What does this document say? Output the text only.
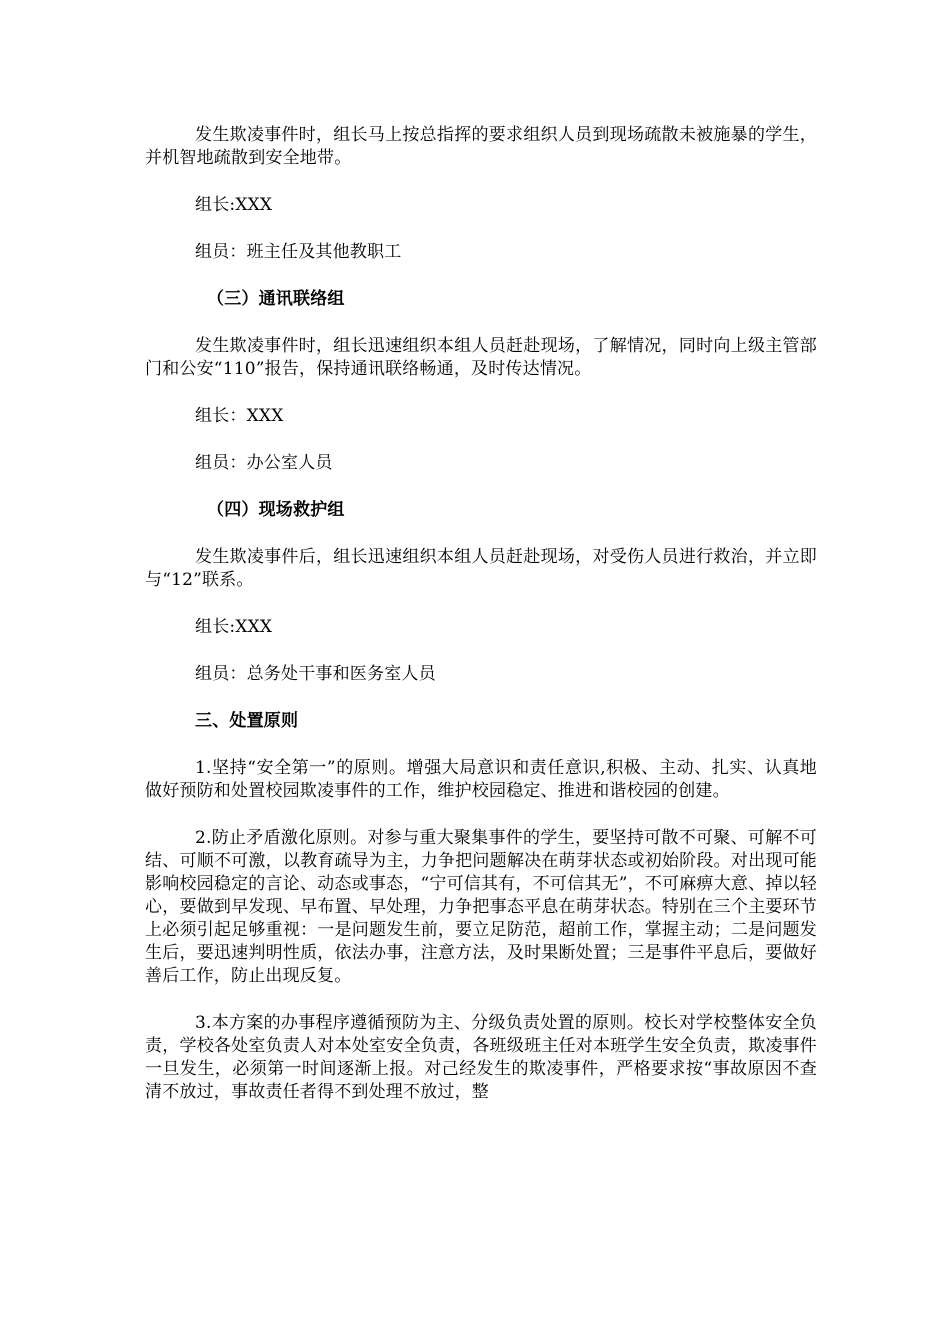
发生欺凌事件时，组长马上按总指挥的要求组织人员到现场疏散未被施暴的学生，并机智地疏散到安全地带。

组长:XXX

组员：班主任及其他教职工

（三）通讯联络组

发生欺凌事件时，组长迅速组织本组人员赶赴现场，了解情况，同时向上级主管部门和公安“110”报告，保持通讯联络畅通，及时传达情况。

组长：XXX

组员：办公室人员

（四）现场救护组

发生欺凌事件后，组长迅速组织本组人员赶赴现场，对受伤人员进行救治，并立即与“12”联系。

组长:XXX

组员：总务处干事和医务室人员

三、处置原则

1.坚持“安全第一”的原则。增强大局意识和责任意识,积极、主动、扎实、认真地做好预防和处置校园欺凌事件的工作，维护校园稳定、推进和谐校园的创建。

2.防止矛盾激化原则。对参与重大聚集事件的学生，要坚持可散不可聚、可解不可结、可顺不可激，以教育疏导为主，力争把问题解决在萌芽状态或初始阶段。对出现可能影响校园稳定的言论、动态或事态，“宁可信其有，不可信其无”，不可麻痹大意、掉以轻心，要做到早发现、早布置、早处理，力争把事态平息在萌芽状态。特别在三个主要环节上必须引起足够重视：一是问题发生前，要立足防范，超前工作，掌握主动；二是问题发生后，要迅速判明性质，依法办事，注意方法，及时果断处置；三是事件平息后，要做好善后工作，防止出现反复。

3.本方案的办事程序遵循预防为主、分级负责处置的原则。校长对学校整体安全负责，学校各处室负责人对本处室安全负责，各班级班主任对本班学生安全负责，欺凌事件一旦发生，必须第一时间逐渐上报。对己经发生的欺凌事件，严格要求按“事故原因不查清不放过，事故责任者得不到处理不放过，整
